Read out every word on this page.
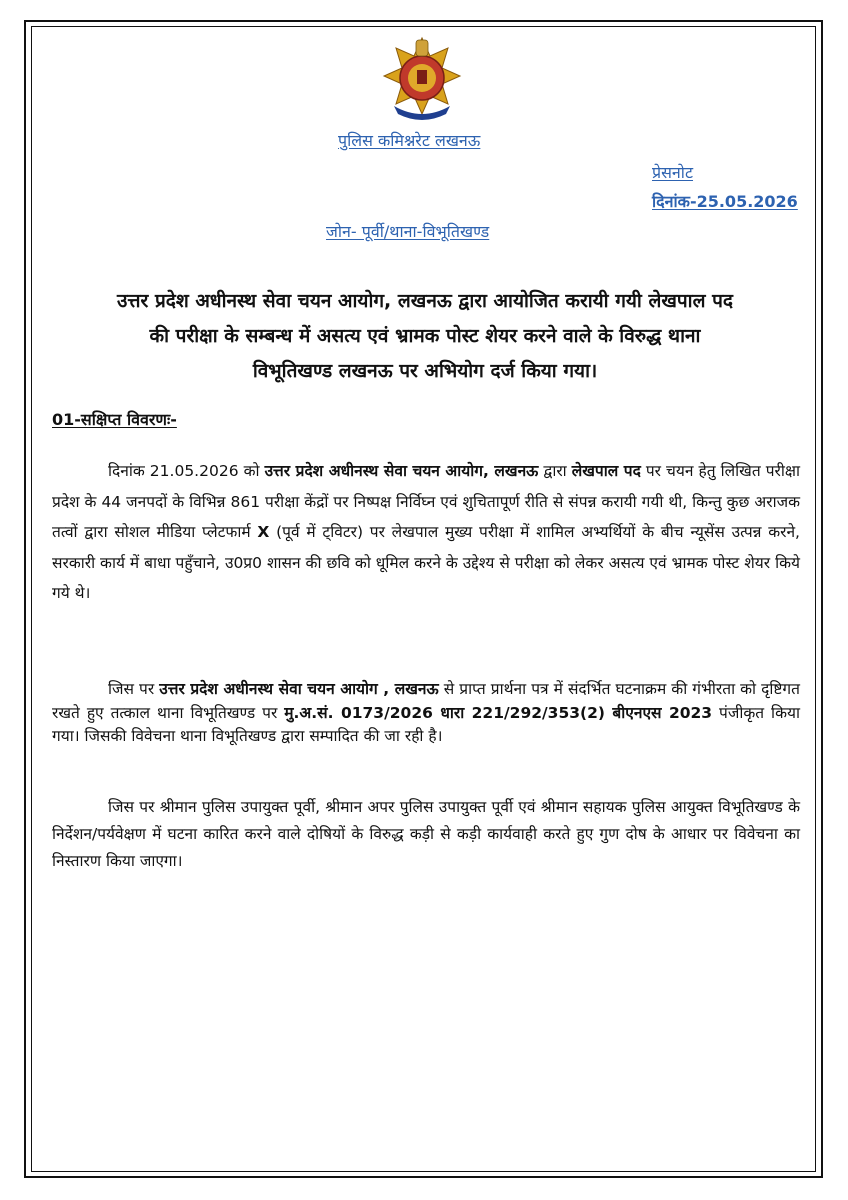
पुलिस कमिश्नरेट लखनऊ
प्रेसनोट
दिनांक-25.05.2026
जोन- पूर्वी/थाना-विभूतिखण्ड
उत्तर प्रदेश अधीनस्थ सेवा चयन आयोग, लखनऊ द्वारा आयोजित करायी गयी लेखपाल पद
की परीक्षा के सम्बन्ध में असत्य एवं भ्रामक पोस्ट शेयर करने वाले के विरुद्ध थाना
विभूतिखण्ड लखनऊ पर अभियोग दर्ज किया गया।
01-सक्षिप्त विवरणः-
दिनांक 21.05.2026 को उत्तर प्रदेश अधीनस्थ सेवा चयन आयोग, लखनऊ द्वारा लेखपाल पद पर चयन हेतु लिखित परीक्षा प्रदेश के 44 जनपदों के विभिन्न 861 परीक्षा केंद्रों पर निष्पक्ष निर्विघ्न एवं शुचितापूर्ण रीति से संपन्न करायी गयी थी, किन्तु कुछ अराजक तत्वों द्वारा सोशल मीडिया प्लेटफार्म X (पूर्व में ट्विटर) पर लेखपाल मुख्य परीक्षा में शामिल अभ्यर्थियों के बीच न्यूसेंस उत्पन्न करने, सरकारी कार्य में बाधा पहुँचाने, उ0प्र0 शासन की छवि को धूमिल करने के उद्देश्य से परीक्षा को लेकर असत्य एवं भ्रामक पोस्ट शेयर किये गये थे।
जिस पर उत्तर प्रदेश अधीनस्थ सेवा चयन आयोग , लखनऊ से प्राप्त प्रार्थना पत्र में संदर्भित घटनाक्रम की गंभीरता को दृष्टिगत रखते हुए तत्काल थाना विभूतिखण्ड पर मु.अ.सं. 0173/2026 धारा 221/292/353(2) बीएनएस 2023 पंजीकृत किया गया। जिसकी विवेचना थाना विभूतिखण्ड द्वारा सम्पादित की जा रही है।
जिस पर श्रीमान पुलिस उपायुक्त पूर्वी, श्रीमान अपर पुलिस उपायुक्त पूर्वी एवं श्रीमान सहायक पुलिस आयुक्त विभूतिखण्ड के निर्देशन/पर्यवेक्षण में घटना कारित करने वाले दोषियों के विरुद्ध कड़ी से कड़ी कार्यवाही करते हुए गुण दोष के आधार पर विवेचना का निस्तारण किया जाएगा।
